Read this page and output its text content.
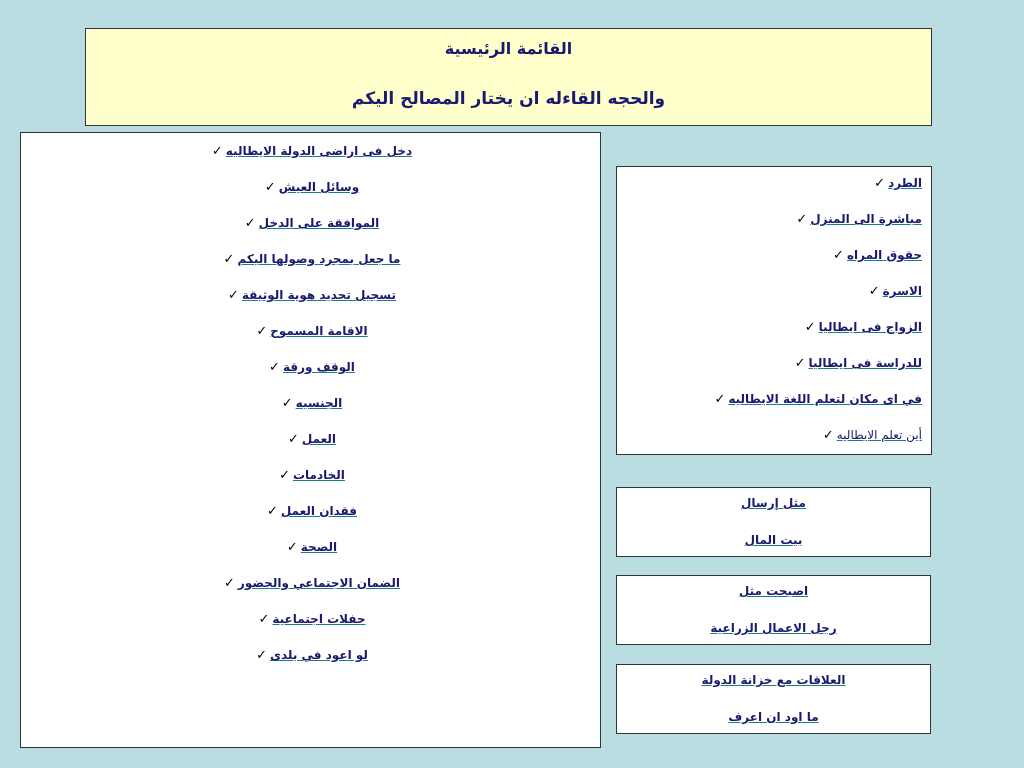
القائمة الرئيسية
والحجه القاءله ان يختار المصالح اليكم
دخل فى اراضى الدولة الايطاليه✓
وسائل العيش✓
الموافقة على الدخل✓
ما جعل بمجرد وصولها اليكم✓
تسجيل تحديد هوية الوثيقة✓
الاقامة المسموح✓
الوقف ورقة✓
الجنسيه✓
العمل✓
الخادمات✓
فقدان العمل✓
الصحة✓
الضمان الاجتماعي والحضور✓
حفلات اجتماعية✓
لو اعود في بلدى✓
الطرد✓
مباشرة الى المنزل✓
حقوق المراه✓
الاسرة✓
الزواج فى ايطاليا✓
للدراسة فى ايطاليا✓
في اى مكان لتعلم اللغة الايطاليه✓
أين تعلم الايطاليه✓
مثل إرسال
بيت المال
اصبحت مثل
رجل الاعمال الزراعية
العلاقات مع خزانة الدولة
ما اود ان اعرف
